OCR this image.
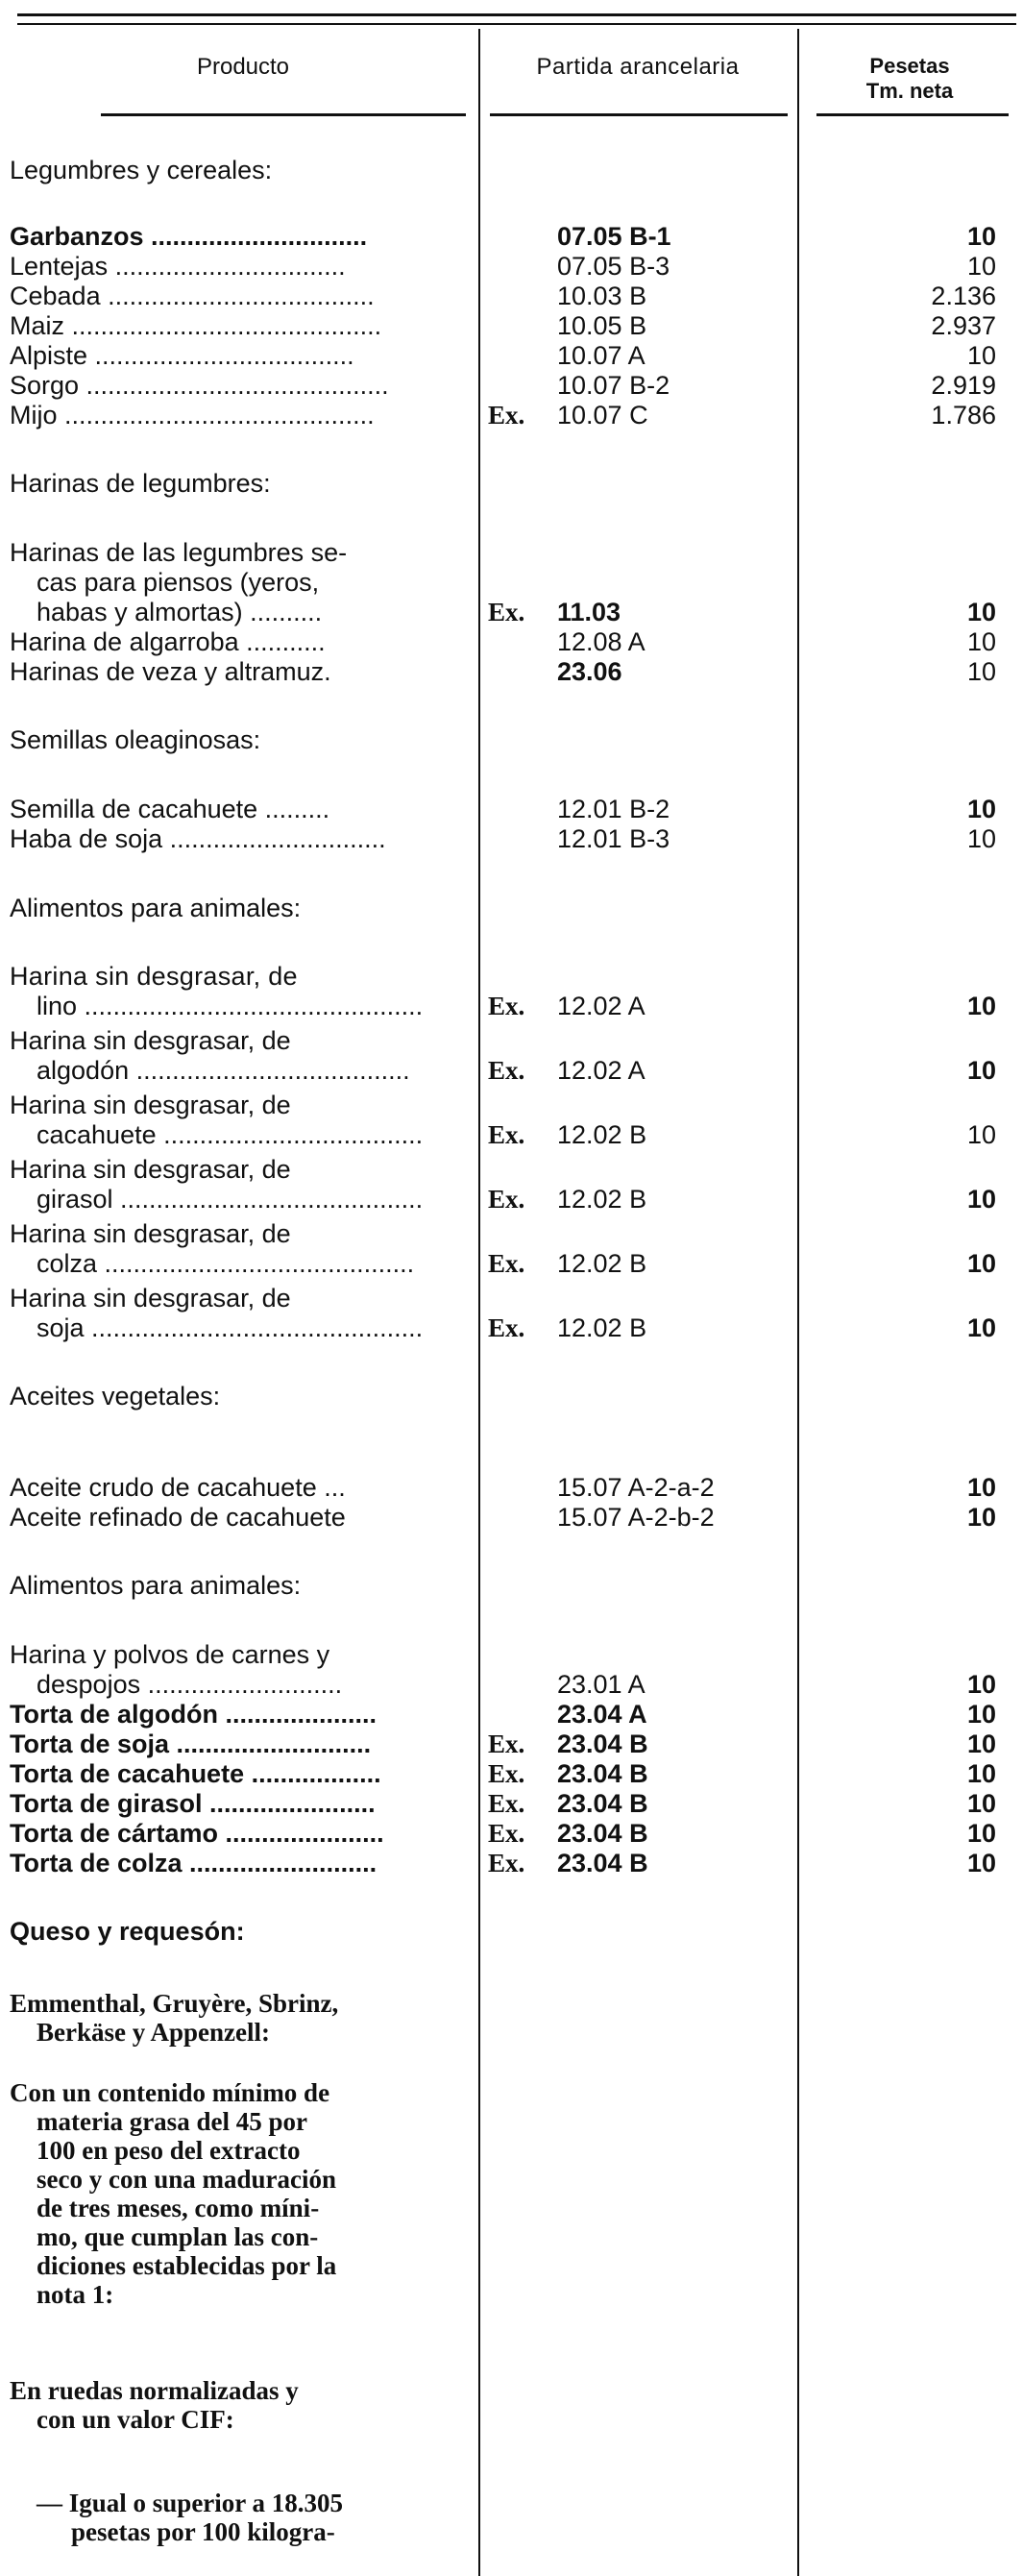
Producto	Partida arancelaria	Pesetas
Tm. neta
Legumbres y cereales:
Garbanzos ..............................	07.05 B-1	10
Lentejas ................................	07.05 B-3	10
Cebada .....................................	10.03 B	2.136
Maiz ...........................................	10.05 B	2.937
Alpiste ....................................	10.07 A	10
Sorgo ..........................................	10.07 B-2	2.919
Mijo ...........................................	Ex. 10.07 C	1.786
Harinas de legumbres:
Harinas de las legumbres se-
cas para piensos (yeros,
habas y almortas) ..........	Ex. 11.03	10
Harina de algarroba ...........	12.08 A	10
Harinas de veza y altramuz.	23.06	10
Semillas oleaginosas:
Semilla de cacahuete .........	12.01 B-2	10
Haba de soja ..............................	12.01 B-3	10
Alimentos para animales:
Harina sin desgrasar, de
lino ...............................................	Ex. 12.02 A	10
Harina sin desgrasar, de
algodón ......................................	Ex. 12.02 A	10
Harina sin desgrasar, de
cacahuete ....................................	Ex. 12.02 B	10
Harina sin desgrasar, de
girasol ..........................................	Ex. 12.02 B	10
Harina sin desgrasar, de
colza ...........................................	Ex. 12.02 B	10
Harina sin desgrasar, de
soja ..............................................	Ex. 12.02 B	10
Aceites vegetales:
Aceite crudo de cacahuete ...	15.07 A-2-a-2	10
Aceite refinado de cacahuete	15.07 A-2-b-2	10
Alimentos para animales:
Harina y polvos de carnes y
despojos ...........................	23.01 A	10
Torta de algodón .....................	23.04 A	10
Torta de soja ...........................	Ex. 23.04 B	10
Torta de cacahuete ..................	Ex. 23.04 B	10
Torta de girasol .......................	Ex. 23.04 B	10
Torta de cártamo ......................	Ex. 23.04 B	10
Torta de colza ..........................	Ex. 23.04 B	10
Queso y requesón:
Emmenthal, Gruyère, Sbrinz,
Berkäse y Appenzell:
Con un contenido mínimo de
materia grasa del 45 por
100 en peso del extracto
seco y con una maduración
de tres meses, como míni-
mo, que cumplan las con-
diciones establecidas por la
nota 1:
En ruedas normalizadas y
con un valor CIF:
— Igual o superior a 18.305
pesetas por 100 kilogra-
